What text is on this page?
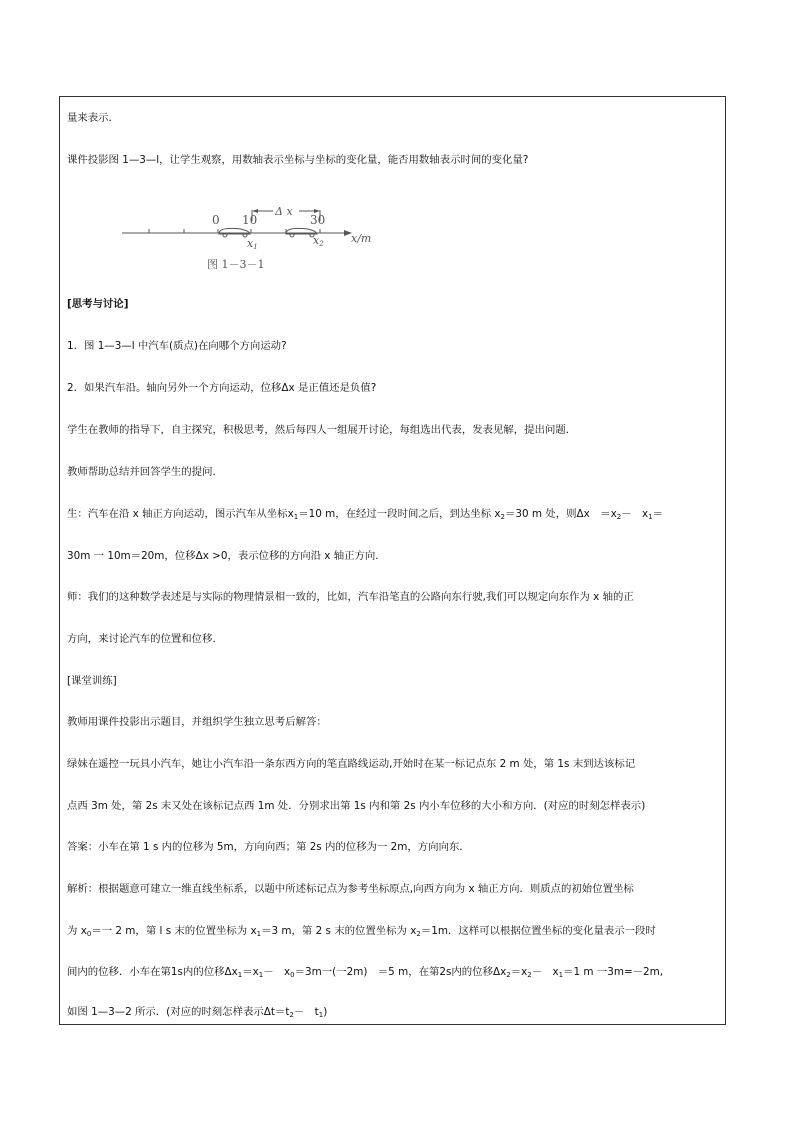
量来表示．
课件投影图 1—3—l，让学生观察，用数轴表示坐标与坐标的变化量，能否用数轴表示时间的变化量?
0 10	30
Δ x
x1	x2 x/m
图 1－3－1
[思考与讨论]
1．图 1—3—l 中汽车(质点)在向哪个方向运动?
2．如果汽车沿。轴向另外一个方向运动，位移Δx 是正值还是负值?
学生在教师的指导下，自主探究，积极思考，然后每四人一组展开讨论，每组选出代表，发表见解，提出问题．
教师帮助总结并回答学生的提问．
生：汽车在沿 x 轴正方向运动，图示汽车从坐标$x_1=10$ m，在经过一段时间之后，到达坐标 $x_2=30$ m 处，则Δx　$=x_2-$　$x_1=$
30m 一 10m＝20m，位移Δx >0，表示位移的方向沿 x 轴正方向．
师：我们的这种数学表述是与实际的物理情景相一致的，比如，汽车沿笔直的公路向东行驶,我们可以规定向东作为 x 轴的正
方向，来讨论汽车的位置和位移．
[课堂训练]
教师用课件投影出示题目，并组织学生独立思考后解答：
绿妹在遥控一玩具小汽车，她让小汽车沿一条东西方向的笔直路线运动,开始时在某一标记点东 2 m 处，第 1s 末到达该标记
点西 3m 处，第 2s 末又处在该标记点西 1m 处．分别求出第 1s 内和第 2s 内小车位移的大小和方向．(对应的时刻怎样表示)
答案：小车在第 1 s 内的位移为 5m，方向向西；第 2s 内的位移为一 2m，方向向东．
解析：根据题意可建立一维直线坐标系，以题中所述标记点为参考坐标原点,向西方向为 x 轴正方向．则质点的初始位置坐标
为 $x_0=$一 2 m，第 l s 末的位置坐标为 $x_1=3$ m，第 2 s 末的位置坐标为 $x_2=1m$．这样可以根据位置坐标的变化量表示一段时
间内的位移．小车在第1s内的位移$\Delta x_1=x_1-$　$x_0=3m$一(一2m)　＝5 m，在第2s内的位移$\Delta x_2=x_2-$　$x_1=1$ m 一3m=－2m,
如图 1—3—2 所示．(对应的时刻怎样表示$\Delta t=t_2-$　$t_1$)
